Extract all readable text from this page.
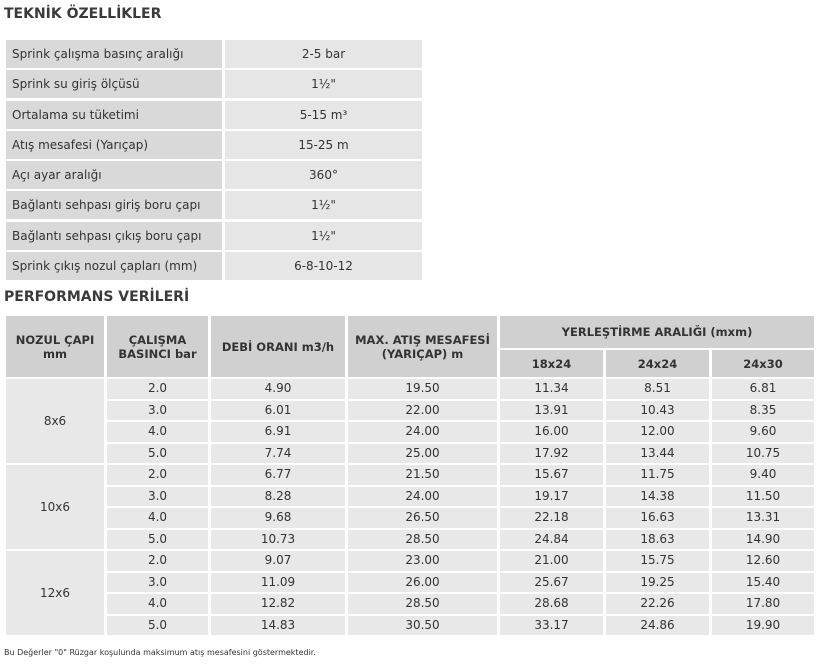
TEKNİK ÖZELLİKLER
Sprink çalışma basınç aralığı	2-5 bar
Sprink su giriş ölçüsü	1½"
Ortalama su tüketimi	5-15 m³
Atış mesafesi (Yarıçap)	15-25 m
Açı ayar aralığı	360°
Bağlantı sehpası giriş boru çapı	1½"
Bağlantı sehpası çıkış boru çapı	1½"
Sprink çıkış nozul çapları (mm)	6-8-10-12
PERFORMANS VERİLERİ
NOZUL ÇAPI mm	ÇALIŞMA BASINCI bar	DEBİ ORANI m3/h	MAX. ATIŞ MESAFESİ (YARIÇAP) m	YERLEŞTİRME ARALIĞI (mxm)		
				18x24	24x24	24x30
8x6	2.0	4.90	19.50	11.34	8.51	6.81
	3.0	6.01	22.00	13.91	10.43	8.35
	4.0	6.91	24.00	16.00	12.00	9.60
	5.0	7.74	25.00	17.92	13.44	10.75
10x6	2.0	6.77	21.50	15.67	11.75	9.40
	3.0	8.28	24.00	19.17	14.38	11.50
	4.0	9.68	26.50	22.18	16.63	13.31
	5.0	10.73	28.50	24.84	18.63	14.90
12x6	2.0	9.07	23.00	21.00	15.75	12.60
	3.0	11.09	26.00	25.67	19.25	15.40
	4.0	12.82	28.50	28.68	22.26	17.80
	5.0	14.83	30.50	33.17	24.86	19.90
Bu Değerler "0" Rüzgar koşulunda maksimum atış mesafesini göstermektedir.
